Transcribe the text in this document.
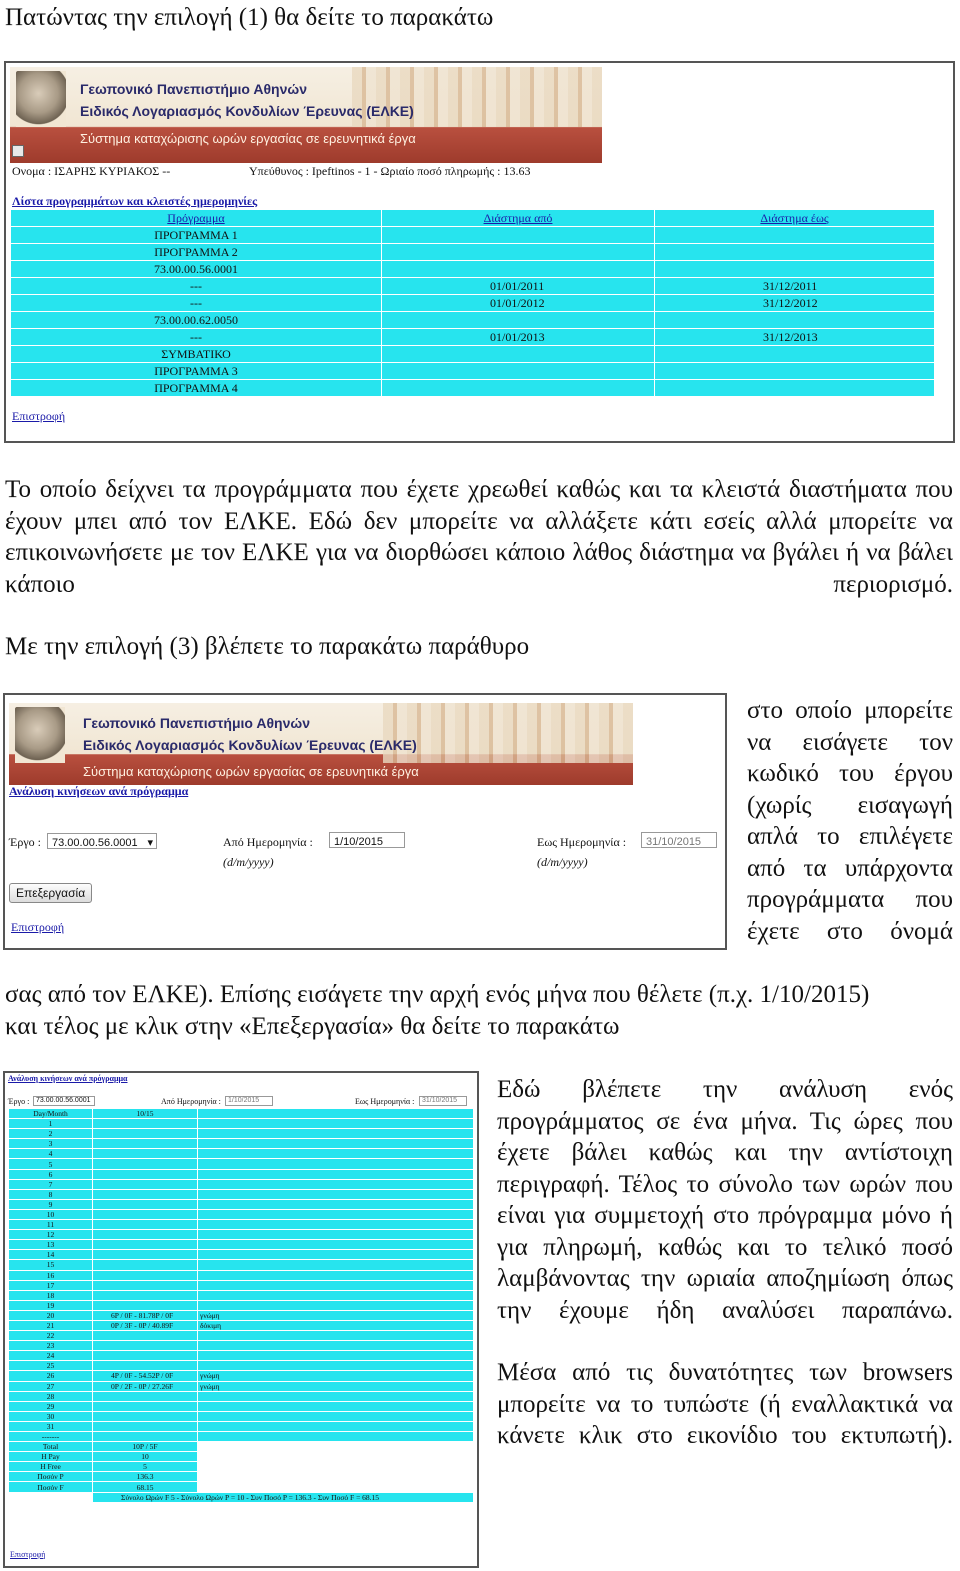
Πατώντας την επιλογή (1) θα δείτε το παρακάτω
Γεωπονικό Πανεπιστήμιο Αθηνών
Ειδικός Λογαριασμός Κονδυλίων Έρευνας (ΕΛΚΕ)
Σύστημα καταχώρισης ωρών εργασίας σε ερευνητικά έργα
Ονομα : ΙΣΑΡΗΣ ΚΥΡΙΑΚΟΣ --	Υπεύθυνος : Ipeftinos - 1 - Ωριαίο ποσό πληρωμής : 13.63
Λίστα προγραμμάτων και κλειστές ημερομηνίες
Πρόγραμμα	Διάστημα από	Διάστημα έως
ΠΡΟΓΡΑΜΜΑ 1		
ΠΡΟΓΡΑΜΜΑ 2		
73.00.00.56.0001		
---	01/01/2011	31/12/2011
---	01/01/2012	31/12/2012
73.00.00.62.0050		
---	01/01/2013	31/12/2013
ΣΥΜΒΑΤΙΚΟ		
ΠΡΟΓΡΑΜΜΑ 3		
ΠΡΟΓΡΑΜΜΑ 4		
Επιστροφή
Το οποίο δείχνει τα προγράμματα που έχετε χρεωθεί καθώς και τα κλειστά διαστήματα που έχουν μπει από τον ΕΛΚΕ. Εδώ δεν μπορείτε να αλλάξετε κάτι εσείς αλλά μπορείτε να επικοινωνήσετε με τον ΕΛΚΕ για να διορθώσει κάποιο λάθος διάστημα να βγάλει ή να βάλει κάποιο περιορισμό.
Με την επιλογή (3) βλέπετε το παρακάτω παράθυρο
Γεωπονικό Πανεπιστήμιο Αθηνών
Ειδικός Λογαριασμός Κονδυλίων Έρευνας (ΕΛΚΕ)
Σύστημα καταχώρισης ωρών εργασίας σε ερευνητικά έργα
Ανάλυση κινήσεων ανά πρόγραμμα
Έργο :	73.00.00.56.0001 ▾	Από Ημερομηνία :	1/10/2015
(d/m/yyyy)
Εως Ημερομηνία :	31/10/2015
(d/m/yyyy)
Επεξεργασία
Επιστροφή
στο οποίο μπορείτε να εισάγετε τον κωδικό του έργου (χωρίς εισαγωγή απλά το επιλέγετε από τα υπάρχοντα προγράμματα που έχετε στο όνομά
σας από τον ΕΛΚΕ). Επίσης εισάγετε την αρχή ενός μήνα που θέλετε (π.χ. 1/10/2015)
και τέλος με κλικ στην «Επεξεργασία» θα δείτε το παρακάτω
Ανάλυση κινήσεων ανά πρόγραμμα
Έργο : 73.00.00.56.0001	Από Ημερομηνία :	1/10/2015	Εως Ημερομηνία :	31/10/2015
Day/Month	10/15	
1		
2		
3		
4		
5		
6		
7		
8		
9		
10		
11		
12		
13		
14		
15		
16		
17		
18		
19		
20	6P / 0F - 81.78P / 0F	γνώμη
21	0P / 3F - 0P / 40.89F	δόκιμη
22		
23		
24		
25		
26	4P / 0F - 54.52P / 0F	γνώμη
27	0P / 2F - 0P / 27.26F	γνώμη
28		
29		
30		
31		
-------		
Total	10P / 5F	
H Pay	10	
H Free	5	
Ποσόν P	136.3	
Ποσόν F	68.15	
	Σύνολο Ωρών F 5 - Σύνολο Ωρών P = 10 - Συν Ποσό P = 136.3 - Συν Ποσό F = 68.15	
Επιστροφή
Εδώ βλέπετε την ανάλυση ενός προγράμματος σε ένα μήνα. Τις ώρες που έχετε βάλει καθώς και την αντίστοιχη περιγραφή. Τέλος το σύνολο των ωρών που είναι για συμμετοχή στο πρόγραμμα μόνο ή για πληρωμή, καθώς και το τελικό ποσό λαμβάνοντας την ωριαία αποζημίωση όπως την έχουμε ήδη αναλύσει παραπάνω.
Μέσα από τις δυνατότητες των browsers μπορείτε να το τυπώστε (ή εναλλακτικά να κάνετε κλικ στο εικονίδιο του εκτυπωτή).
